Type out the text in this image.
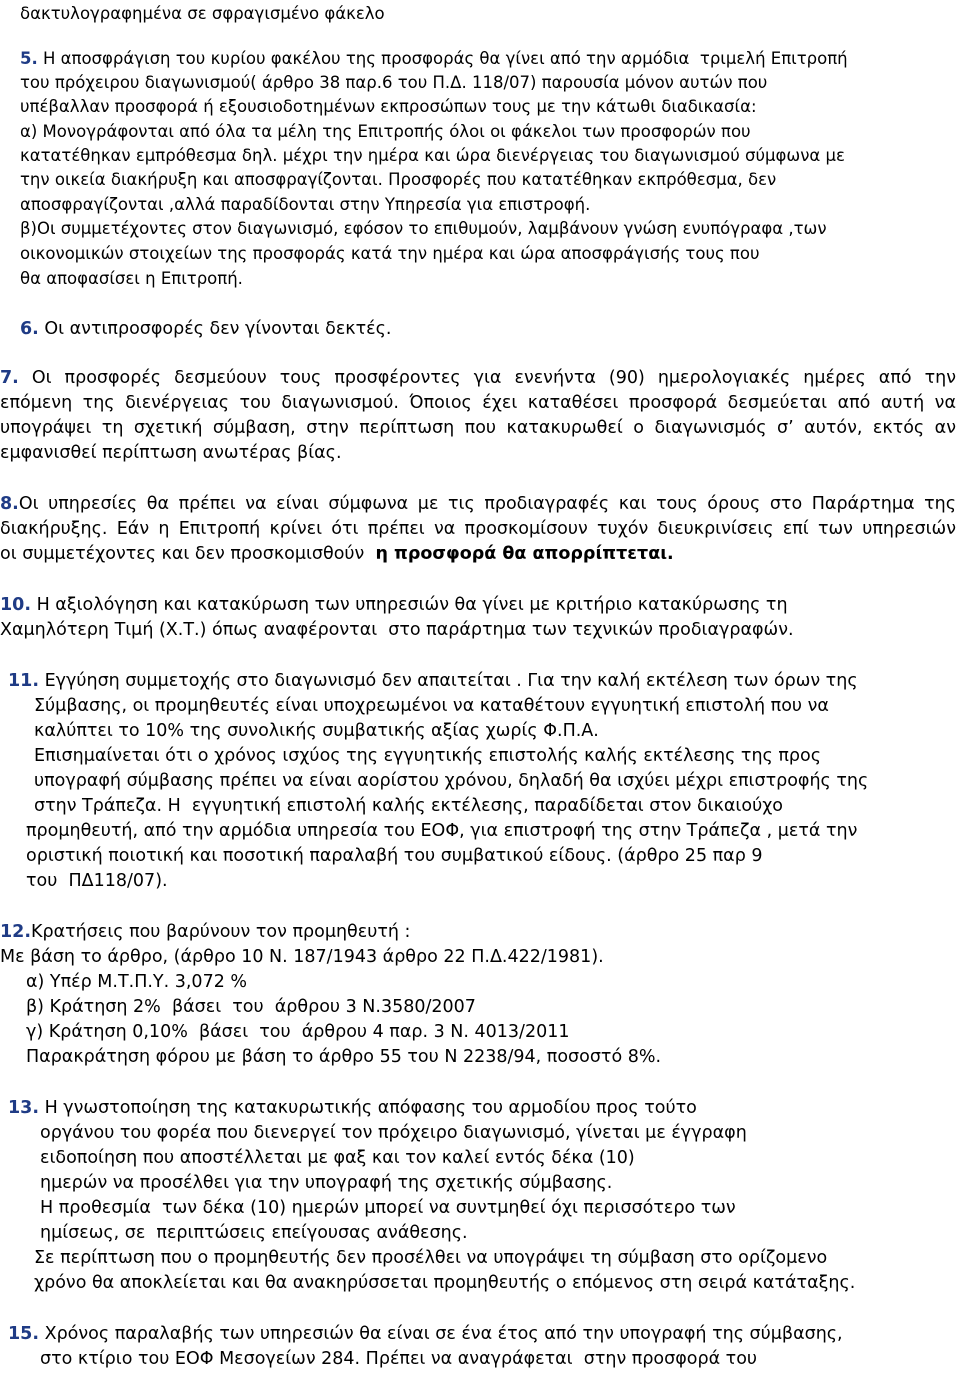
δακτυλογραφημένα σε σφραγισμένο φάκελο
5. Η αποσφράγιση του κυρίου φακέλου της προσφοράς θα γίνει από την αρμόδια  τριμελή Επιτροπή
του πρόχειρου διαγωνισμού( άρθρο 38 παρ.6 του Π.Δ. 118/07) παρουσία μόνον αυτών που
υπέβαλλαν προσφορά ή εξουσιοδοτημένων εκπροσώπων τους με την κάτωθι διαδικασία:
α) Μονογράφονται από όλα τα μέλη της Επιτροπής όλοι οι φάκελοι των προσφορών που
κατατέθηκαν εμπρόθεσμα δηλ. μέχρι την ημέρα και ώρα διενέργειας του διαγωνισμού σύμφωνα με
την οικεία διακήρυξη και αποσφραγίζονται. Προσφορές που κατατέθηκαν εκπρόθεσμα, δεν
αποσφραγίζονται ,αλλά παραδίδονται στην Υπηρεσία για επιστροφή.
β)Οι συμμετέχοντες στον διαγωνισμό, εφόσον το επιθυμούν, λαμβάνουν γνώση ενυπόγραφα ,των
οικονομικών στοιχείων της προσφοράς κατά την ημέρα και ώρα αποσφράγισής τους που
θα αποφασίσει η Επιτροπή.
6. Οι αντιπροσφορές δεν γίνονται δεκτές.
7. Οι προσφορές δεσμεύουν τους προσφέροντες για ενενήντα (90) ημερολογιακές ημέρες από την
επόμενη της διενέργειας του διαγωνισμού. Όποιος έχει καταθέσει προσφορά δεσμεύεται από αυτή να
υπογράψει τη σχετική σύμβαση, στην περίπτωση που κατακυρωθεί ο διαγωνισμός σ’ αυτόν, εκτός αν
εμφανισθεί περίπτωση ανωτέρας βίας.
8.Οι υπηρεσίες θα πρέπει να είναι σύμφωνα με τις προδιαγραφές και τους όρους στο Παράρτημα της
διακήρυξης. Εάν η Επιτροπή κρίνει ότι πρέπει να προσκομίσουν τυχόν διευκρινίσεις επί των υπηρεσιών
οι συμμετέχοντες και δεν προσκομισθούν  η προσφορά θα απορρίπτεται.
10. Η αξιολόγηση και κατακύρωση των υπηρεσιών θα γίνει με κριτήριο κατακύρωσης τη
Χαμηλότερη Τιμή (Χ.Τ.) όπως αναφέρονται  στο παράρτημα των τεχνικών προδιαγραφών.
11. Εγγύηση συμμετοχής στο διαγωνισμό δεν απαιτείται . Για την καλή εκτέλεση των όρων της
Σύμβασης, οι προμηθευτές είναι υποχρεωμένοι να καταθέτουν εγγυητική επιστολή που να
καλύπτει το 10% της συνολικής συμβατικής αξίας χωρίς Φ.Π.Α.
Επισημαίνεται ότι ο χρόνος ισχύος της εγγυητικής επιστολής καλής εκτέλεσης της προς
υπογραφή σύμβασης πρέπει να είναι αορίστου χρόνου, δηλαδή θα ισχύει μέχρι επιστροφής της
στην Τράπεζα. Η  εγγυητική επιστολή καλής εκτέλεσης, παραδίδεται στον δικαιούχο
προμηθευτή, από την αρμόδια υπηρεσία του ΕΟΦ, για επιστροφή της στην Τράπεζα , μετά την
οριστική ποιοτική και ποσοτική παραλαβή του συμβατικού είδους. (άρθρο 25 παρ 9
του  ΠΔ118/07).
12.Κρατήσεις που βαρύνουν τον προμηθευτή :
Με βάση το άρθρο, (άρθρο 10 Ν. 187/1943 άρθρο 22 Π.Δ.422/1981).
α) Υπέρ Μ.Τ.Π.Υ. 3,072 %
β) Κράτηση 2%  βάσει  του  άρθρου 3 Ν.3580/2007
γ) Κράτηση 0,10%  βάσει  του  άρθρου 4 παρ. 3 Ν. 4013/2011
Παρακράτηση φόρου με βάση το άρθρο 55 του Ν 2238/94, ποσοστό 8%.
13. Η γνωστοποίηση της κατακυρωτικής απόφασης του αρμοδίου προς τούτο
οργάνου του φορέα που διενεργεί τον πρόχειρο διαγωνισμό, γίνεται με έγγραφη
ειδοποίηση που αποστέλλεται με φαξ και τον καλεί εντός δέκα (10)
ημερών να προσέλθει για την υπογραφή της σχετικής σύμβασης.
Η προθεσμία  των δέκα (10) ημερών μπορεί να συντμηθεί όχι περισσότερο των
ημίσεως, σε  περιπτώσεις επείγουσας ανάθεσης.
Σε περίπτωση που ο προμηθευτής δεν προσέλθει να υπογράψει τη σύμβαση στο ορίζομενο
χρόνο θα αποκλείεται και θα ανακηρύσσεται προμηθευτής ο επόμενος στη σειρά κατάταξης.
15. Χρόνος παραλαβής των υπηρεσιών θα είναι σε ένα έτος από την υπογραφή της σύμβασης,
στο κτίριο του ΕΟΦ Μεσογείων 284. Πρέπει να αναγράφεται  στην προσφορά του
